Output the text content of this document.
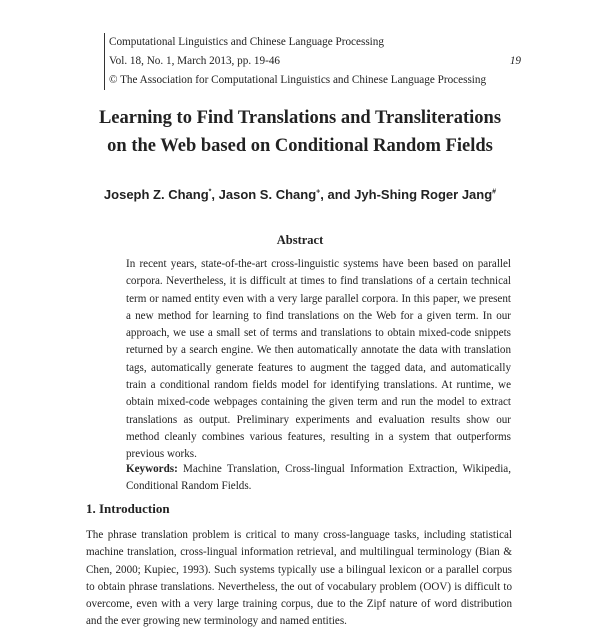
Computational Linguistics and Chinese Language Processing
Vol. 18, No. 1, March 2013, pp. 19-46	19
© The Association for Computational Linguistics and Chinese Language Processing
Learning to Find Translations and Transliterations
on the Web based on Conditional Random Fields
Joseph Z. Chang*, Jason S. Chang+, and Jyh-Shing Roger Jang#
Abstract
In recent years, state-of-the-art cross-linguistic systems have been based on parallel corpora. Nevertheless, it is difficult at times to find translations of a certain technical term or named entity even with a very large parallel corpora. In this paper, we present a new method for learning to find translations on the Web for a given term. In our approach, we use a small set of terms and translations to obtain mixed-code snippets returned by a search engine. We then automatically annotate the data with translation tags, automatically generate features to augment the tagged data, and automatically train a conditional random fields model for identifying translations. At runtime, we obtain mixed-code webpages containing the given term and run the model to extract translations as output. Preliminary experiments and evaluation results show our method cleanly combines various features, resulting in a system that outperforms previous works.
Keywords: Machine Translation, Cross-lingual Information Extraction, Wikipedia, Conditional Random Fields.
1. Introduction
The phrase translation problem is critical to many cross-language tasks, including statistical machine translation, cross-lingual information retrieval, and multilingual terminology (Bian & Chen, 2000; Kupiec, 1993). Such systems typically use a bilingual lexicon or a parallel corpus to obtain phrase translations. Nevertheless, the out of vocabulary problem (OOV) is difficult to overcome, even with a very large training corpus, due to the Zipf nature of word distribution and the ever growing new terminology and named entities.
